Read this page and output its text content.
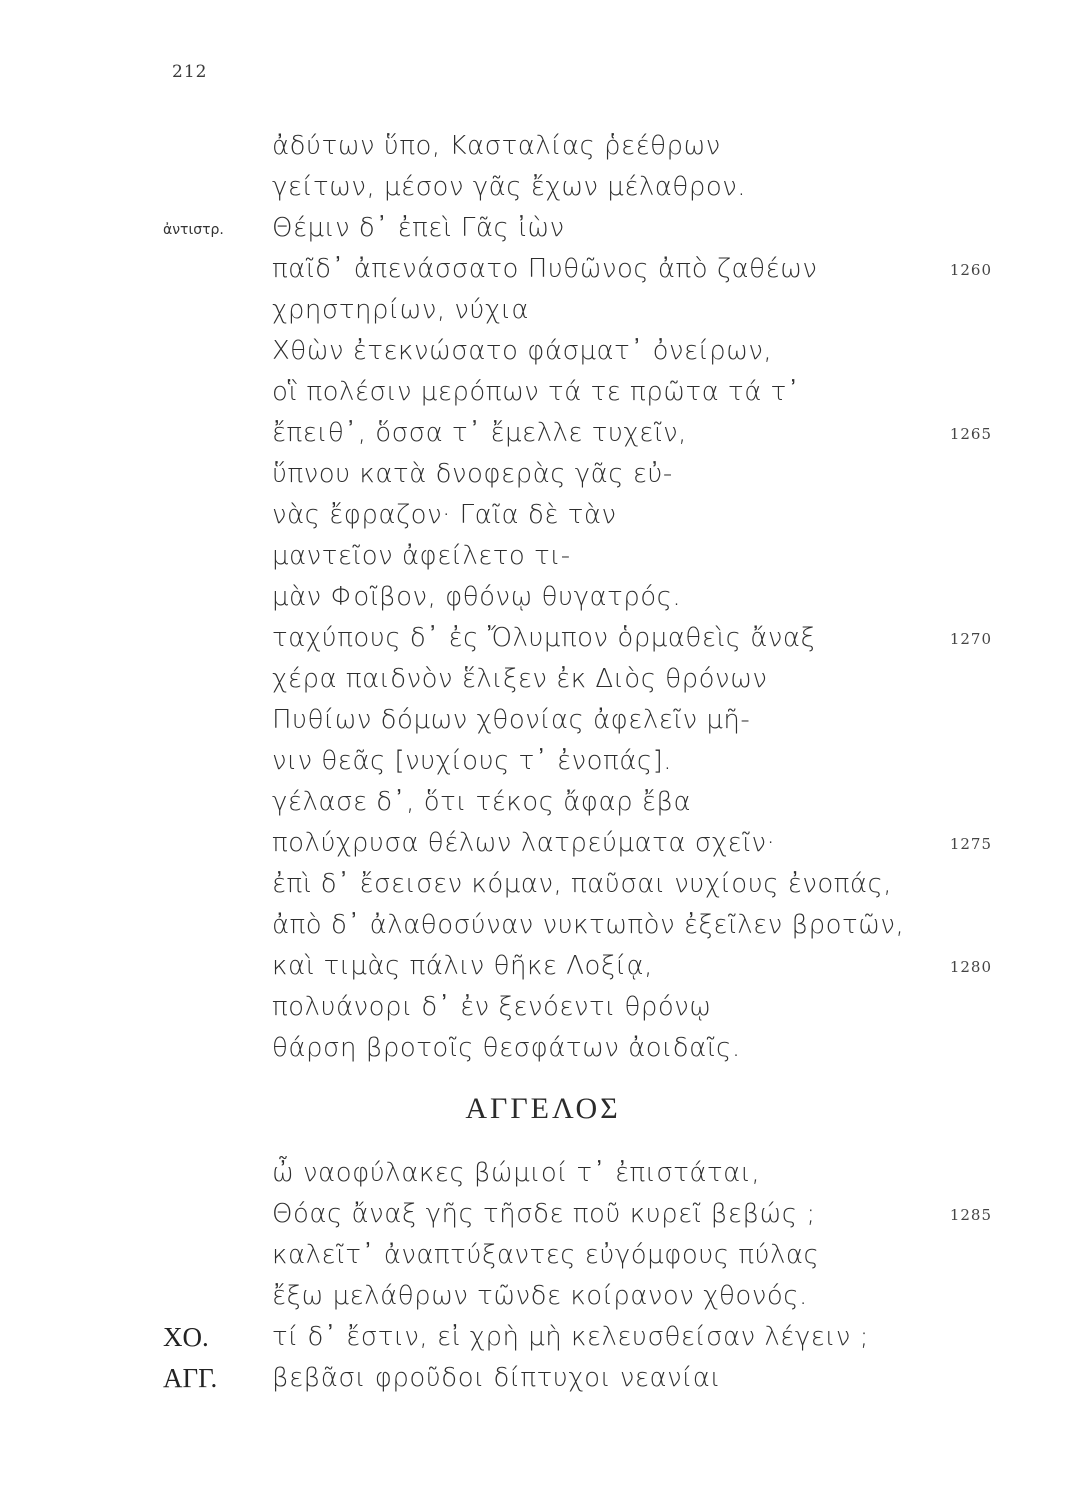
212
ἀδύτων ὕπο, Κασταλίας ῥεέθρων
γείτων, μέσον γᾶς ἔχων μέλαθρον.
ἀντιστρ. Θέμιν δ᾽ ἐπεὶ Γᾶς ἰὼν
παῖδ᾽ ἀπενάσσατο Πυθῶνος ἀπὸ ζαθέων	1260
χρηστηρίων, νύχια
Χθὼν ἐτεκνώσατο φάσματ᾽ ὀνείρων,
οἳ πολέσιν μερόπων τά τε πρῶτα τά τ᾽
ἔπειθ᾽, ὅσσα τ᾽ ἔμελλε τυχεῖν,	1265
ὕπνου κατὰ δνοφερὰς γᾶς εὐ-
νὰς ἔφραζον· Γαῖα δὲ τὰν
μαντεῖον ἀφείλετο τι-
μὰν Φοῖβον, φθόνῳ θυγατρός.
ταχύπους δ᾽ ἐς Ὄλυμπον ὁρμαθεὶς ἄναξ	1270
χέρα παιδνὸν ἕλιξεν ἐκ Διὸς θρόνων
Πυθίων δόμων χθονίας ἀφελεῖν μῆ-
νιν θεᾶς [νυχίους τ᾽ ἐνοπάς].
γέλασε δ᾽, ὅτι τέκος ἄφαρ ἔβα
πολύχρυσα θέλων λατρεύματα σχεῖν·	1275
ἐπὶ δ᾽ ἔσεισεν κόμαν, παῦσαι νυχίους ἐνοπάς,
ἀπὸ δ᾽ ἀλαθοσύναν νυκτωπὸν ἐξεῖλεν βροτῶν,
καὶ τιμὰς πάλιν θῆκε Λοξίᾳ,	1280
πολυάνορι δ᾽ ἐν ξενόεντι θρόνῳ
θάρση βροτοῖς θεσφάτων ἀοιδαῖς.
ΑΓΓΕΛΟΣ
ὦ ναοφύλακες βώμιοί τ᾽ ἐπιστάται,
Θόας ἄναξ γῆς τῆσδε ποῦ κυρεῖ βεβώς ;	1285
καλεῖτ᾽ ἀναπτύξαντες εὐγόμφους πύλας
ἔξω μελάθρων τῶνδε κοίρανον χθονός.
ΧΟ. τί δ᾽ ἔστιν, εἰ χρὴ μὴ κελευσθείσαν λέγειν ;
ΑΓΓ. βεβᾶσι φροῦδοι δίπτυχοι νεανίαι
